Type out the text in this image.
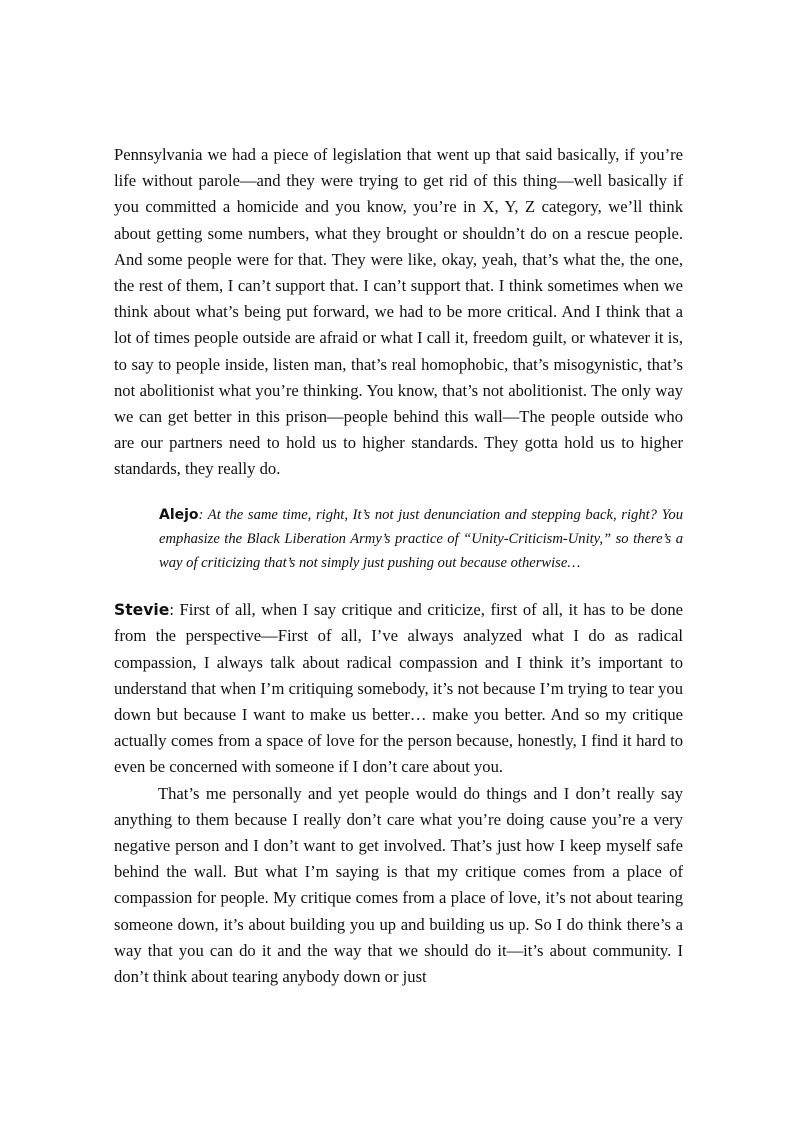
Pennsylvania we had a piece of legislation that went up that said basically, if you’re life without parole—and they were trying to get rid of this thing—well basically if you committed a homicide and you know, you’re in X, Y, Z category, we’ll think about getting some numbers, what they brought or shouldn’t do on a rescue people. And some people were for that. They were like, okay, yeah, that’s what the, the one, the rest of them, I can’t support that. I can’t support that. I think sometimes when we think about what’s being put forward, we had to be more critical. And I think that a lot of times people outside are afraid or what I call it, freedom guilt, or whatever it is, to say to people inside, listen man, that’s real homophobic, that’s misogynistic, that’s not abolitionist what you’re thinking. You know, that’s not abolitionist. The only way we can get better in this prison—people behind this wall—The people outside who are our partners need to hold us to higher standards. They gotta hold us to higher standards, they really do.

Alejo: At the same time, right, It’s not just denunciation and stepping back, right? You emphasize the Black Liberation Army’s practice of “Unity-Criticism-Unity,” so there’s a way of criticizing that’s not simply just pushing out because otherwise…

Stevie: First of all, when I say critique and criticize, first of all, it has to be done from the perspective—First of all, I’ve always analyzed what I do as radical compassion, I always talk about radical compassion and I think it’s important to understand that when I’m critiquing somebody, it’s not because I’m trying to tear you down but because I want to make us better… make you better. And so my critique actually comes from a space of love for the person because, honestly, I find it hard to even be concerned with someone if I don’t care about you.

That’s me personally and yet people would do things and I don’t really say anything to them because I really don’t care what you’re doing cause you’re a very negative person and I don’t want to get involved. That’s just how I keep myself safe behind the wall. But what I’m saying is that my critique comes from a place of compassion for people. My critique comes from a place of love, it’s not about tearing someone down, it’s about building you up and building us up. So I do think there’s a way that you can do it and the way that we should do it—it’s about community. I don’t think about tearing anybody down or just
